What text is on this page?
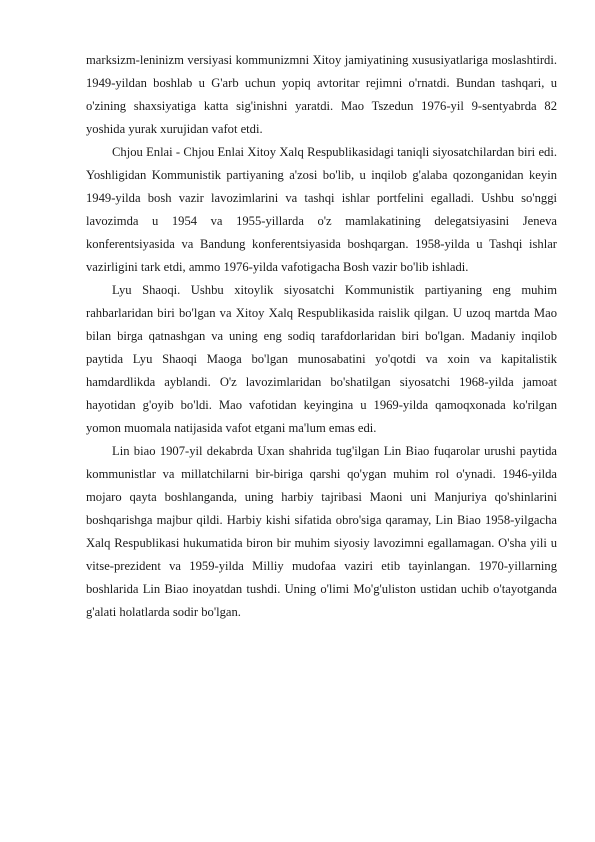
marksizm-leninizm versiyasi kommunizmni Xitoy jamiyatining xususiyatlariga moslashtirdi. 1949-yildan boshlab u G'arb uchun yopiq avtoritar rejimni o'rnatdi. Bundan tashqari, u o'zining shaxsiyatiga katta sig'inishni yaratdi. Mao Tszedun 1976-yil 9-sentyabrda 82 yoshida yurak xurujidan vafot etdi.

Chjou Enlai - Chjou Enlai Xitoy Xalq Respublikasidagi taniqli siyosatchilardan biri edi. Yoshligidan Kommunistik partiyaning a'zosi bo'lib, u inqilob g'alaba qozonganidan keyin 1949-yilda bosh vazir lavozimlarini va tashqi ishlar portfelini egalladi. Ushbu so'nggi lavozimda u 1954 va 1955-yillarda o'z mamlakatining delegatsiyasini Jeneva konferentsiyasida va Bandung konferentsiyasida boshqargan. 1958-yilda u Tashqi ishlar vazirligini tark etdi, ammo 1976-yilda vafotigacha Bosh vazir bo'lib ishladi.

Lyu Shaoqi. Ushbu xitoylik siyosatchi Kommunistik partiyaning eng muhim rahbarlaridan biri bo'lgan va Xitoy Xalq Respublikasida raislik qilgan. U uzoq martda Mao bilan birga qatnashgan va uning eng sodiq tarafdorlaridan biri bo'lgan. Madaniy inqilob paytida Lyu Shaoqi Maoga bo'lgan munosabatini yo'qotdi va xoin va kapitalistik hamdardlikda ayblandi. O'z lavozimlaridan bo'shatilgan siyosatchi 1968-yilda jamoat hayotidan g'oyib bo'ldi. Mao vafotidan keyingina u 1969-yilda qamoqxonada ko'rilgan yomon muomala natijasida vafot etgani ma'lum emas edi.

Lin biao 1907-yil dekabrda Uxan shahrida tug'ilgan Lin Biao fuqarolar urushi paytida kommunistlar va millatchilarni bir-biriga qarshi qo'ygan muhim rol o'ynadi. 1946-yilda mojaro qayta boshlanganda, uning harbiy tajribasi Maoni uni Manjuriya qo'shinlarini boshqarishga majbur qildi. Harbiy kishi sifatida obro'siga qaramay, Lin Biao 1958-yilgacha Xalq Respublikasi hukumatida biron bir muhim siyosiy lavozimni egallamagan. O'sha yili u vitse-prezident va 1959-yilda Milliy mudofaa vaziri etib tayinlangan. 1970-yillarning boshlarida Lin Biao inoyatdan tushdi. Uning o'limi Mo'g'uliston ustidan uchib o'tayotganda g'alati holatlarda sodir bo'lgan.
